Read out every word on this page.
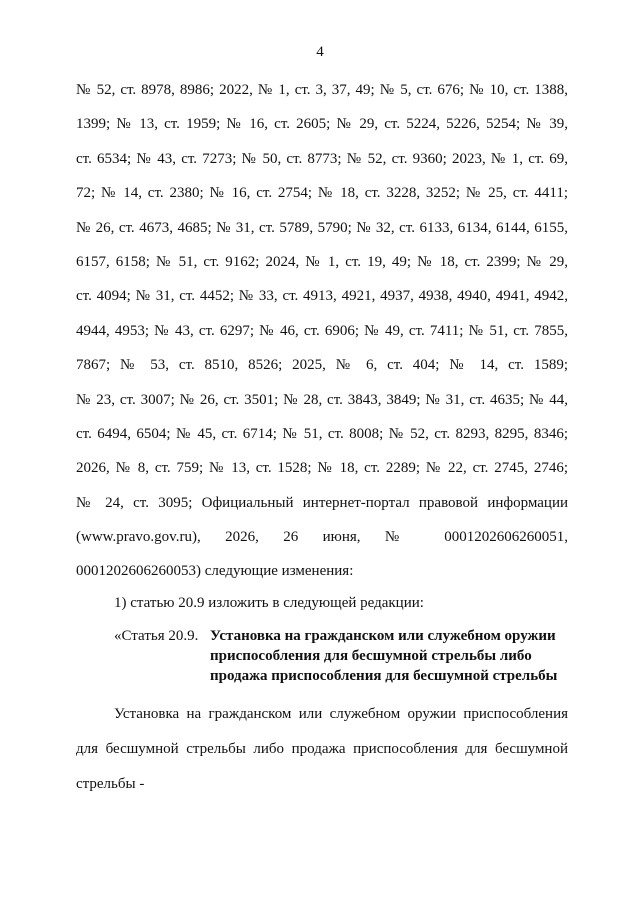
4
№ 52, ст. 8978, 8986; 2022, № 1, ст. 3, 37, 49; № 5, ст. 676; № 10, ст. 1388,
1399; № 13, ст. 1959; № 16, ст. 2605; № 29, ст. 5224, 5226, 5254; № 39,
ст. 6534; № 43, ст. 7273; № 50, ст. 8773; № 52, ст. 9360; 2023, № 1, ст. 69,
72; № 14, ст. 2380; № 16, ст. 2754; № 18, ст. 3228, 3252; № 25, ст. 4411;
№ 26, ст. 4673, 4685; № 31, ст. 5789, 5790; № 32, ст. 6133, 6134, 6144, 6155,
6157, 6158; № 51, ст. 9162; 2024, № 1, ст. 19, 49; № 18, ст. 2399; № 29,
ст. 4094; № 31, ст. 4452; № 33, ст. 4913, 4921, 4937, 4938, 4940, 4941, 4942,
4944, 4953; № 43, ст. 6297; № 46, ст. 6906; № 49, ст. 7411; № 51, ст. 7855,
7867; № 53, ст. 8510, 8526; 2025, № 6, ст. 404; № 14, ст. 1589;
№ 23, ст. 3007; № 26, ст. 3501; № 28, ст. 3843, 3849; № 31, ст. 4635; № 44,
ст. 6494, 6504; № 45, ст. 6714; № 51, ст. 8008; № 52, ст. 8293, 8295, 8346;
2026, № 8, ст. 759; № 13, ст. 1528; № 18, ст. 2289; № 22, ст. 2745, 2746;
№ 24, ст. 3095; Официальный интернет-портал правовой информации
(www.pravo.gov.ru), 2026, 26 июня, № 0001202606260051,
0001202606260053) следующие изменения:
1) статью 20.9 изложить в следующей редакции:
«Статья 20.9. Установка на гражданском или служебном оружии
приспособления для бесшумной стрельбы либо
продажа приспособления для бесшумной стрельбы
Установка на гражданском или служебном оружии приспособления
для бесшумной стрельбы либо продажа приспособления для бесшумной
стрельбы -
